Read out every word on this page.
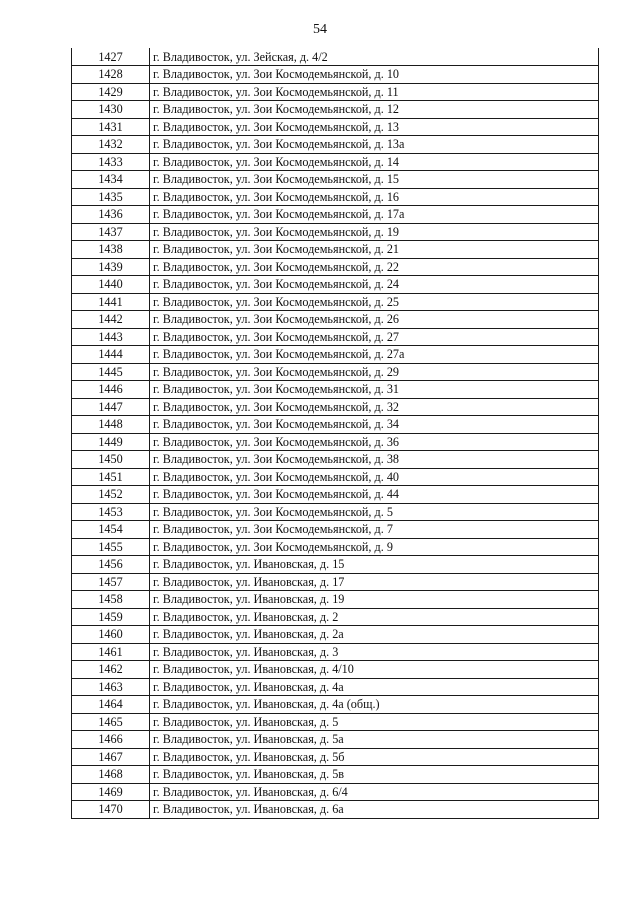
54
1427	г. Владивосток, ул. Зейская, д. 4/2
1428	г. Владивосток, ул. Зои Космодемьянской, д. 10
1429	г. Владивосток, ул. Зои Космодемьянской, д. 11
1430	г. Владивосток, ул. Зои Космодемьянской, д. 12
1431	г. Владивосток, ул. Зои Космодемьянской, д. 13
1432	г. Владивосток, ул. Зои Космодемьянской, д. 13а
1433	г. Владивосток, ул. Зои Космодемьянской, д. 14
1434	г. Владивосток, ул. Зои Космодемьянской, д. 15
1435	г. Владивосток, ул. Зои Космодемьянской, д. 16
1436	г. Владивосток, ул. Зои Космодемьянской, д. 17а
1437	г. Владивосток, ул. Зои Космодемьянской, д. 19
1438	г. Владивосток, ул. Зои Космодемьянской, д. 21
1439	г. Владивосток, ул. Зои Космодемьянской, д. 22
1440	г. Владивосток, ул. Зои Космодемьянской, д. 24
1441	г. Владивосток, ул. Зои Космодемьянской, д. 25
1442	г. Владивосток, ул. Зои Космодемьянской, д. 26
1443	г. Владивосток, ул. Зои Космодемьянской, д. 27
1444	г. Владивосток, ул. Зои Космодемьянской, д. 27а
1445	г. Владивосток, ул. Зои Космодемьянской, д. 29
1446	г. Владивосток, ул. Зои Космодемьянской, д. 31
1447	г. Владивосток, ул. Зои Космодемьянской, д. 32
1448	г. Владивосток, ул. Зои Космодемьянской, д. 34
1449	г. Владивосток, ул. Зои Космодемьянской, д. 36
1450	г. Владивосток, ул. Зои Космодемьянской, д. 38
1451	г. Владивосток, ул. Зои Космодемьянской, д. 40
1452	г. Владивосток, ул. Зои Космодемьянской, д. 44
1453	г. Владивосток, ул. Зои Космодемьянской, д. 5
1454	г. Владивосток, ул. Зои Космодемьянской, д. 7
1455	г. Владивосток, ул. Зои Космодемьянской, д. 9
1456	г. Владивосток, ул. Ивановская, д. 15
1457	г. Владивосток, ул. Ивановская, д. 17
1458	г. Владивосток, ул. Ивановская, д. 19
1459	г. Владивосток, ул. Ивановская, д. 2
1460	г. Владивосток, ул. Ивановская, д. 2а
1461	г. Владивосток, ул. Ивановская, д. 3
1462	г. Владивосток, ул. Ивановская, д. 4/10
1463	г. Владивосток, ул. Ивановская, д. 4а
1464	г. Владивосток, ул. Ивановская, д. 4а (общ.)
1465	г. Владивосток, ул. Ивановская, д. 5
1466	г. Владивосток, ул. Ивановская, д. 5а
1467	г. Владивосток, ул. Ивановская, д. 5б
1468	г. Владивосток, ул. Ивановская, д. 5в
1469	г. Владивосток, ул. Ивановская, д. 6/4
1470	г. Владивосток, ул. Ивановская, д. 6а
